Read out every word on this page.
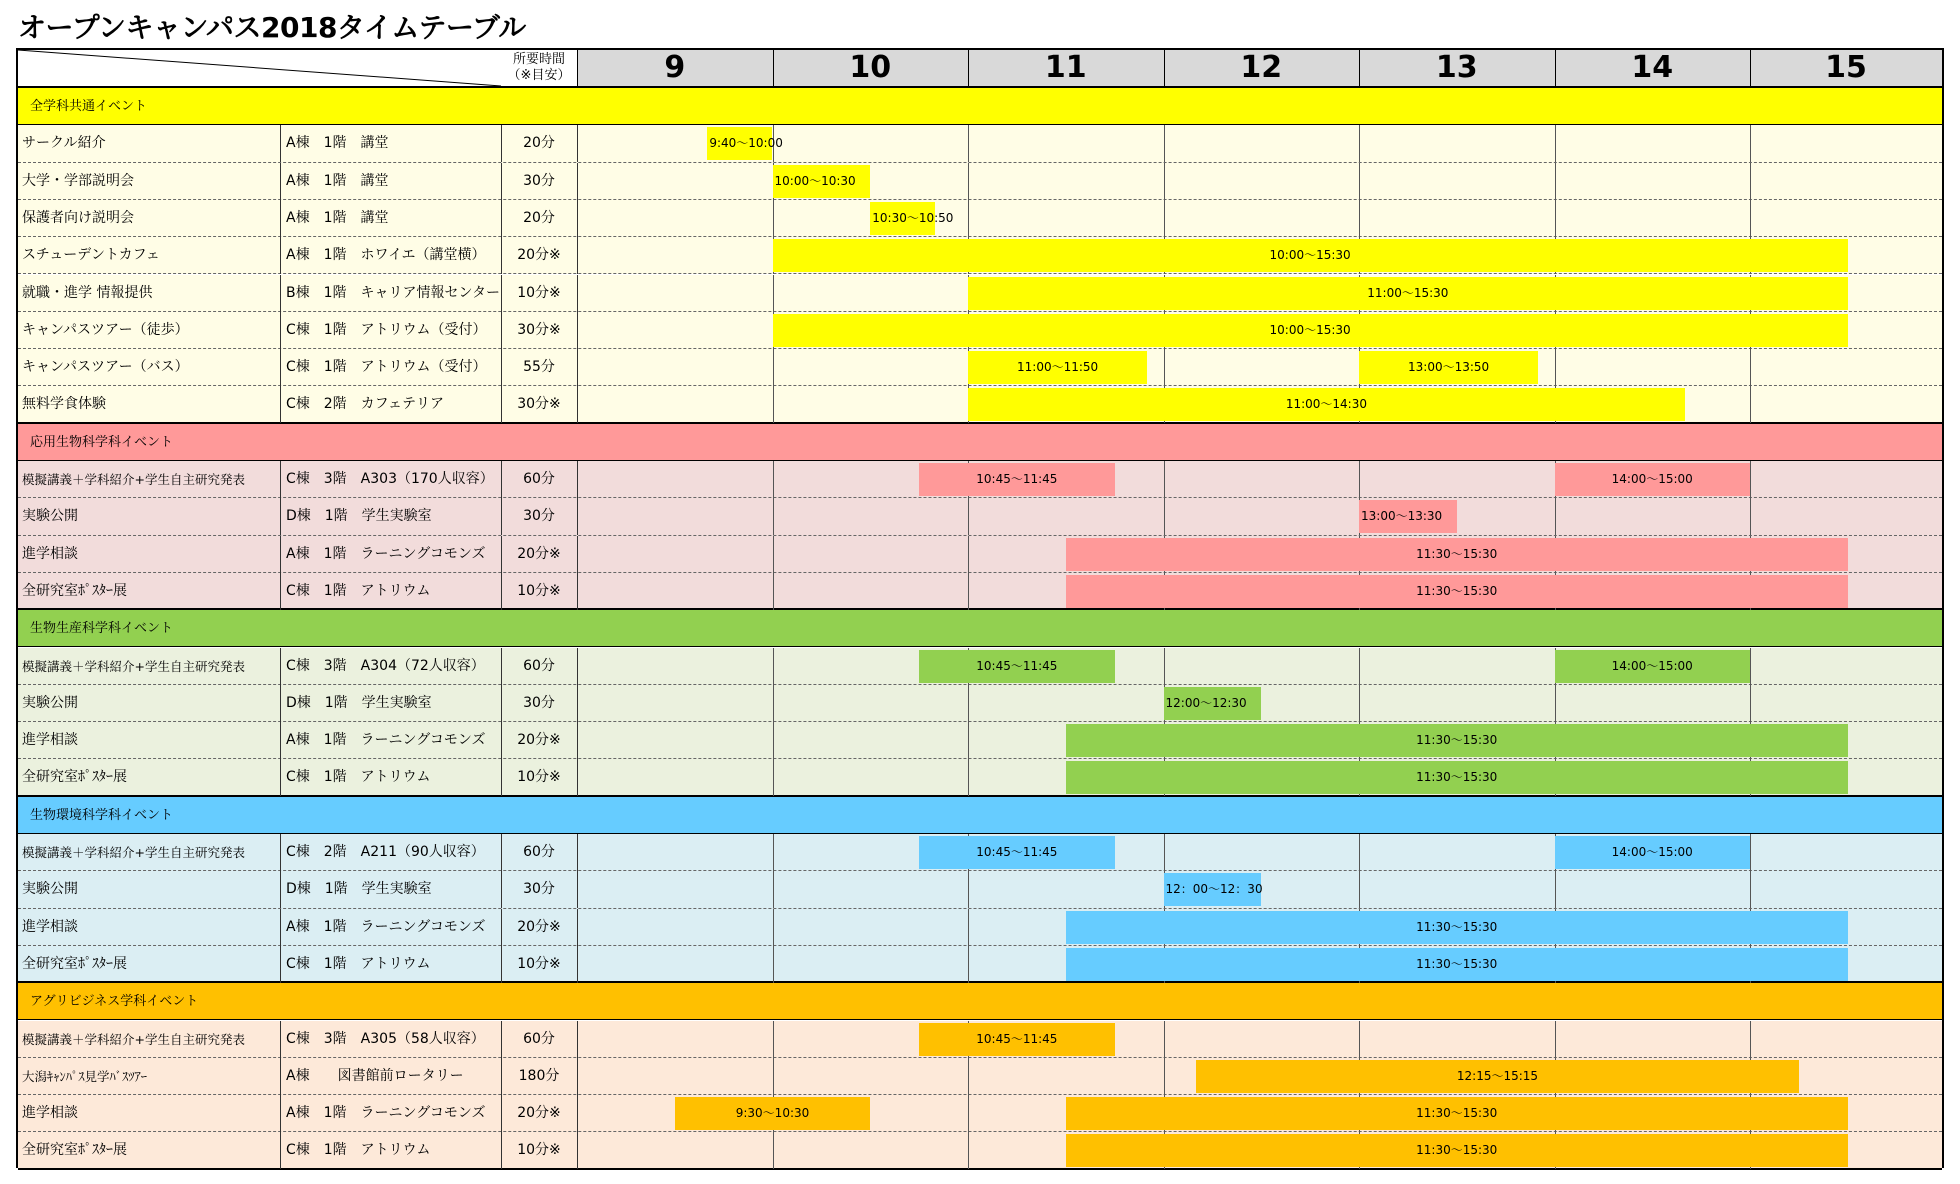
オープンキャンパス2018タイムテーブル
所要時間
（※目安）	9	10	11	12	13	14	15
全学科共通イベント
サークル紹介	A棟　1階　講堂	20分	9:40～10:00
大学・学部説明会	A棟　1階　講堂	30分	10:00～10:30
保護者向け説明会	A棟　1階　講堂	20分	10:30～10:50
スチューデントカフェ	A棟　1階　ホワイエ（講堂横）	20分※	10:00～15:30
就職・進学 情報提供	B棟　1階　キャリア情報センター	10分※	11:00～15:30
キャンパスツアー（徒歩）	C棟　1階　アトリウム（受付）	30分※	10:00～15:30
キャンパスツアー（バス）	C棟　1階　アトリウム（受付）	55分	11:00～11:50	13:00～13:50
無料学食体験	C棟　2階　カフェテリア	30分※	11:00～14:30
応用生物科学科イベント
模擬講義＋学科紹介+学生自主研究発表	C棟　3階　A303（170人収容）	60分	10:45～11:45	14:00～15:00
実験公開	D棟　1階　学生実験室	30分	13:00～13:30
進学相談	A棟　1階　ラーニングコモンズ	20分※	11:30～15:30
全研究室ﾎﾟｽﾀｰ展	C棟　1階　アトリウム	10分※	11:30～15:30
生物生産科学科イベント
模擬講義＋学科紹介+学生自主研究発表	C棟　3階　A304（72人収容）	60分	10:45～11:45	14:00～15:00
実験公開	D棟　1階　学生実験室	30分	12:00～12:30
進学相談	A棟　1階　ラーニングコモンズ	20分※	11:30～15:30
全研究室ﾎﾟｽﾀｰ展	C棟　1階　アトリウム	10分※	11:30～15:30
生物環境科学科イベント
模擬講義＋学科紹介+学生自主研究発表	C棟　2階　A211（90人収容）	60分	10:45～11:45	14:00～15:00
実験公開	D棟　1階　学生実験室	30分	12：00～12：30
進学相談	A棟　1階　ラーニングコモンズ	20分※	11:30～15:30
全研究室ﾎﾟｽﾀｰ展	C棟　1階　アトリウム	10分※	11:30～15:30
アグリビジネス学科イベント
模擬講義＋学科紹介+学生自主研究発表	C棟　3階　A305（58人収容）	60分	10:45～11:45
大潟ｷｬﾝﾊﾟｽ見学ﾊﾞｽﾂｱｰ	A棟　　図書館前ロータリー	180分	12:15～15:15
進学相談	A棟　1階　ラーニングコモンズ	20分※	9:30～10:30	11:30～15:30
全研究室ﾎﾟｽﾀｰ展	C棟　1階　アトリウム	10分※	11:30～15:30
